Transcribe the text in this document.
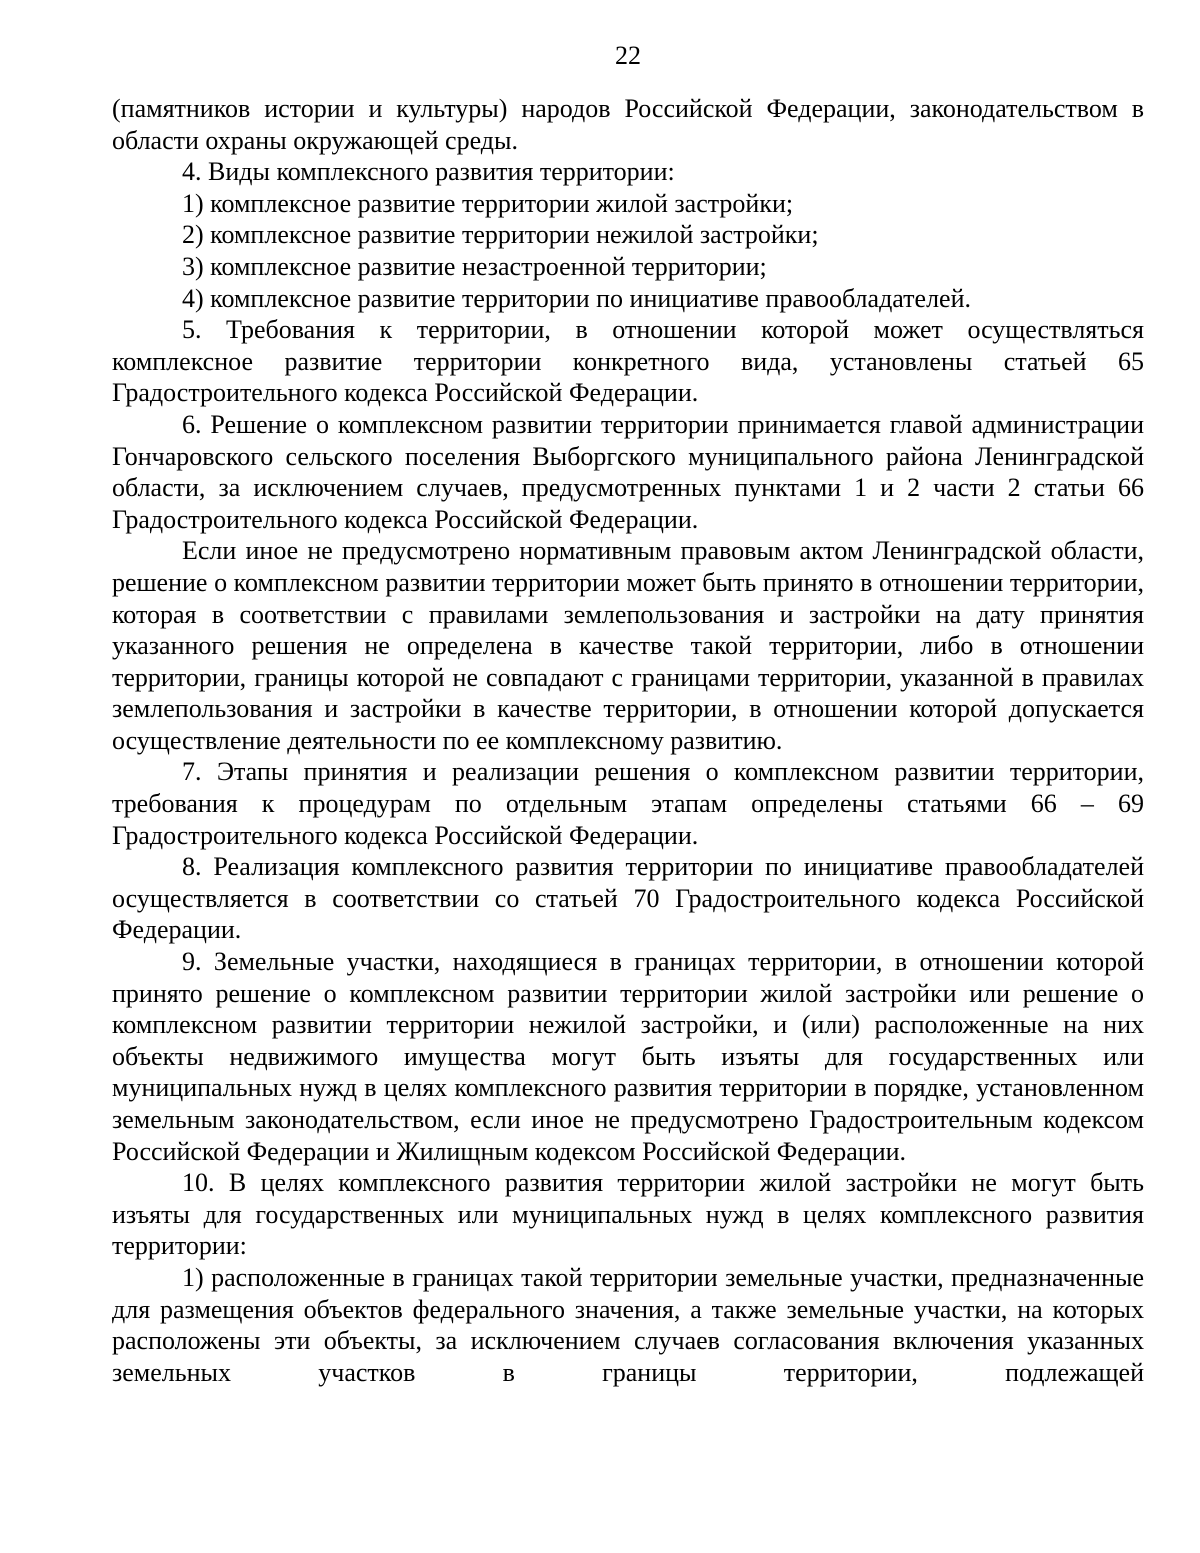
22

(памятников истории и культуры) народов Российской Федерации, законодательством в области охраны окружающей среды.

4. Виды комплексного развития территории:

1) комплексное развитие территории жилой застройки;

2) комплексное развитие территории нежилой застройки;

3) комплексное развитие незастроенной территории;

4) комплексное развитие территории по инициативе правообладателей.

5. Требования к территории, в отношении которой может осуществляться комплексное развитие территории конкретного вида, установлены статьей 65 Градостроительного кодекса Российской Федерации.

6. Решение о комплексном развитии территории принимается главой администрации Гончаровского сельского поселения Выборгского муниципального района Ленинградской области, за исключением случаев, предусмотренных пунктами 1 и 2 части 2 статьи 66 Градостроительного кодекса Российской Федерации.

Если иное не предусмотрено нормативным правовым актом Ленинградской области, решение о комплексном развитии территории может быть принято в отношении территории, которая в соответствии с правилами землепользования и застройки на дату принятия указанного решения не определена в качестве такой территории, либо в отношении территории, границы которой не совпадают с границами территории, указанной в правилах землепользования и застройки в качестве территории, в отношении которой допускается осуществление деятельности по ее комплексному развитию.

7. Этапы принятия и реализации решения о комплексном развитии территории, требования к процедурам по отдельным этапам определены статьями 66 – 69 Градостроительного кодекса Российской Федерации.

8. Реализация комплексного развития территории по инициативе правообладателей осуществляется в соответствии со статьей 70 Градостроительного кодекса Российской Федерации.

9. Земельные участки, находящиеся в границах территории, в отношении которой принято решение о комплексном развитии территории жилой застройки или решение о комплексном развитии территории нежилой застройки, и (или) расположенные на них объекты недвижимого имущества могут быть изъяты для государственных или муниципальных нужд в целях комплексного развития территории в порядке, установленном земельным законодательством, если иное не предусмотрено Градостроительным кодексом Российской Федерации и Жилищным кодексом Российской Федерации.

10. В целях комплексного развития территории жилой застройки не могут быть изъяты для государственных или муниципальных нужд в целях комплексного развития территории:

1) расположенные в границах такой территории земельные участки, предназначенные для размещения объектов федерального значения, а также земельные участки, на которых расположены эти объекты, за исключением случаев согласования включения указанных земельных участков в границы территории, подлежащей
